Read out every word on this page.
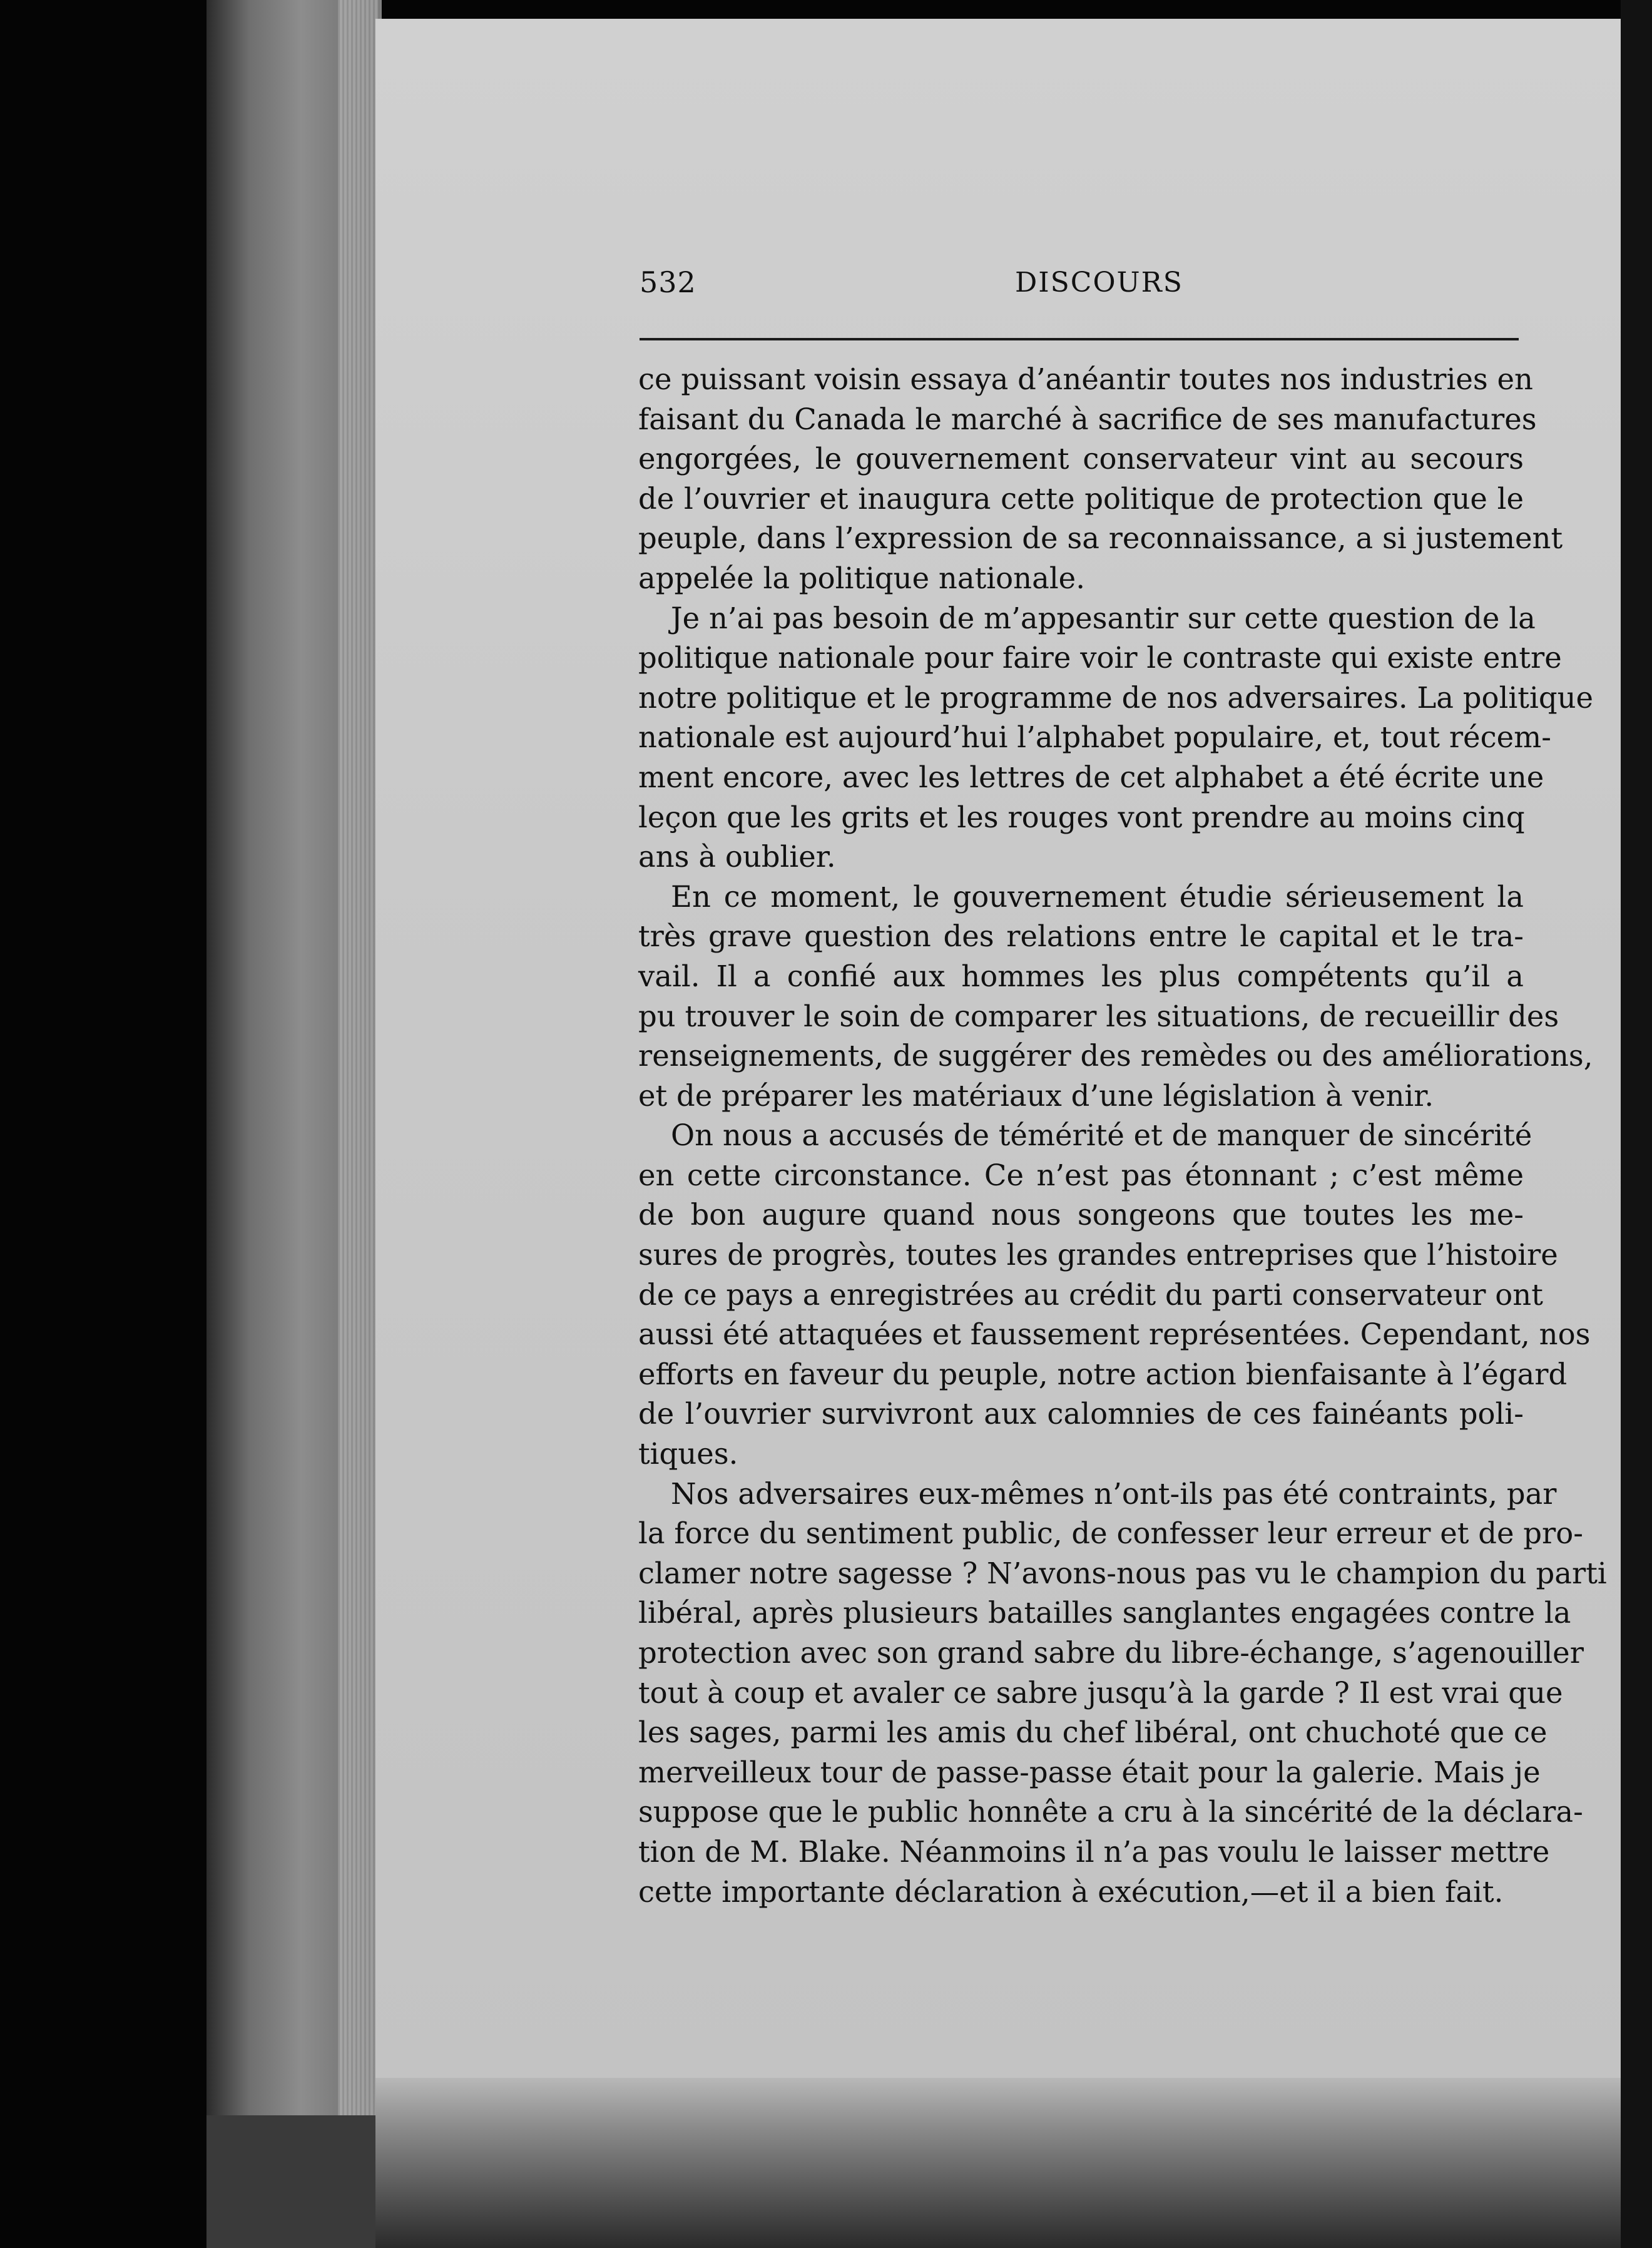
532	DISCOURS
ce puissant voisin essaya d’anéantir toutes nos industries en
faisant du Canada le marché à sacrifice de ses manufactures
engorgées, le gouvernement conservateur vint au secours
de l’ouvrier et inaugura cette politique de protection que le
peuple, dans l’expression de sa reconnaissance, a si justement
appelée la politique nationale.
Je n’ai pas besoin de m’appesantir sur cette question de la
politique nationale pour faire voir le contraste qui existe entre
notre politique et le programme de nos adversaires. La politique
nationale est aujourd’hui l’alphabet populaire, et, tout récem-
ment encore, avec les lettres de cet alphabet a été écrite une
leçon que les grits et les rouges vont prendre au moins cinq
ans à oublier.
En ce moment, le gouvernement étudie sérieusement la
très grave question des relations entre le capital et le tra-
vail. Il a confié aux hommes les plus compétents qu’il a
pu trouver le soin de comparer les situations, de recueillir des
renseignements, de suggérer des remèdes ou des améliorations,
et de préparer les matériaux d’une législation à venir.
On nous a accusés de témérité et de manquer de sincérité
en cette circonstance. Ce n’est pas étonnant ; c’est même
de bon augure quand nous songeons que toutes les me-
sures de progrès, toutes les grandes entreprises que l’histoire
de ce pays a enregistrées au crédit du parti conservateur ont
aussi été attaquées et faussement représentées. Cependant, nos
efforts en faveur du peuple, notre action bienfaisante à l’égard
de l’ouvrier survivront aux calomnies de ces fainéants poli-
tiques.
Nos adversaires eux-mêmes n’ont-ils pas été contraints, par
la force du sentiment public, de confesser leur erreur et de pro-
clamer notre sagesse ? N’avons-nous pas vu le champion du parti
libéral, après plusieurs batailles sanglantes engagées contre la
protection avec son grand sabre du libre-échange, s’agenouiller
tout à coup et avaler ce sabre jusqu’à la garde ? Il est vrai que
les sages, parmi les amis du chef libéral, ont chuchoté que ce
merveilleux tour de passe-passe était pour la galerie. Mais je
suppose que le public honnête a cru à la sincérité de la déclara-
tion de M. Blake. Néanmoins il n’a pas voulu le laisser mettre
cette importante déclaration à exécution,—et il a bien fait.
